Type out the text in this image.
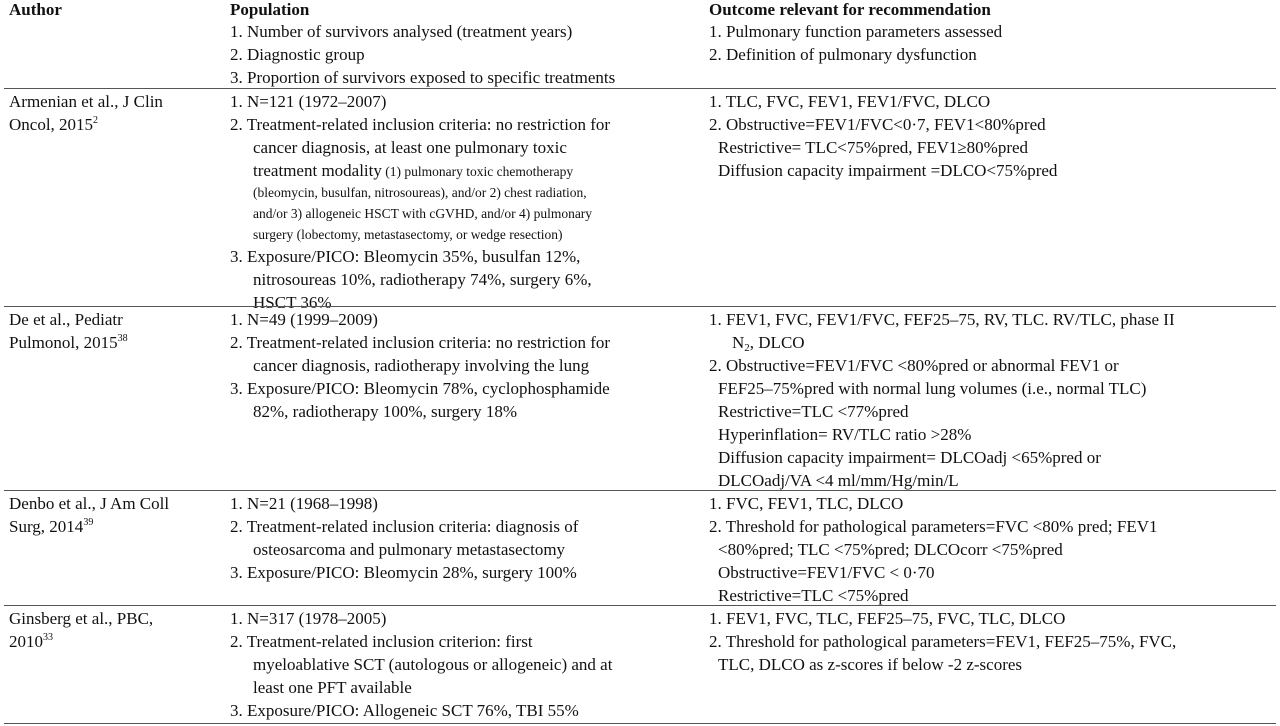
Author	Population
1. Number of survivors analysed (treatment years)
2. Diagnostic group
3. Proportion of survivors exposed to specific treatments
Outcome relevant for recommendation
1. Pulmonary function parameters assessed
2. Definition of pulmonary dysfunction
Armenian et al., J Clin
Oncol, 2015$^2$
1. N=121 (1972–2007)
2. Treatment-related inclusion criteria: no restriction for
cancer diagnosis, at least one pulmonary toxic
treatment modality (1) pulmonary toxic chemotherapy
(bleomycin, busulfan, nitrosoureas), and/or 2) chest radiation,
and/or 3) allogeneic HSCT with cGVHD, and/or 4) pulmonary
surgery (lobectomy, metastasectomy, or wedge resection)
3. Exposure/PICO: Bleomycin 35%, busulfan 12%,
nitrosoureas 10%, radiotherapy 74%, surgery 6%,
HSCT 36%
1. TLC, FVC, FEV1, FEV1/FVC, DLCO
2. Obstructive=FEV1/FVC<0·7, FEV1<80%pred
Restrictive= TLC<75%pred, FEV1≥80%pred
Diffusion capacity impairment =DLCO<75%pred
De et al., Pediatr
Pulmonol, 2015$^{38}$
1. N=49 (1999–2009)
2. Treatment-related inclusion criteria: no restriction for
cancer diagnosis, radiotherapy involving the lung
3. Exposure/PICO: Bleomycin 78%, cyclophosphamide
82%, radiotherapy 100%, surgery 18%
1. FEV1, FVC, FEV1/FVC, FEF25–75, RV, TLC. RV/TLC, phase II
$N_2$, DLCO
2. Obstructive=FEV1/FVC <80%pred or abnormal FEV1 or
FEF25–75%pred with normal lung volumes (i.e., normal TLC)
Restrictive=TLC <77%pred
Hyperinflation= RV/TLC ratio >28%
Diffusion capacity impairment= DLCOadj <65%pred or
DLCOadj/VA <4 ml/mm/Hg/min/L
Denbo et al., J Am Coll
Surg, 2014$^{39}$
1. N=21 (1968–1998)
2. Treatment-related inclusion criteria: diagnosis of
osteosarcoma and pulmonary metastasectomy
3. Exposure/PICO: Bleomycin 28%, surgery 100%
1. FVC, FEV1, TLC, DLCO
2. Threshold for pathological parameters=FVC <80% pred; FEV1
<80%pred; TLC <75%pred; DLCOcorr <75%pred
Obstructive=FEV1/FVC < 0·70
Restrictive=TLC <75%pred
Ginsberg et al., PBC,
2010$^{33}$
1. N=317 (1978–2005)
2. Treatment-related inclusion criterion: first
myeloablative SCT (autologous or allogeneic) and at
least one PFT available
3. Exposure/PICO: Allogeneic SCT 76%, TBI 55%
1. FEV1, FVC, TLC, FEF25–75, FVC, TLC, DLCO
2. Threshold for pathological parameters=FEV1, FEF25–75%, FVC,
TLC, DLCO as z-scores if below -2 z-scores
